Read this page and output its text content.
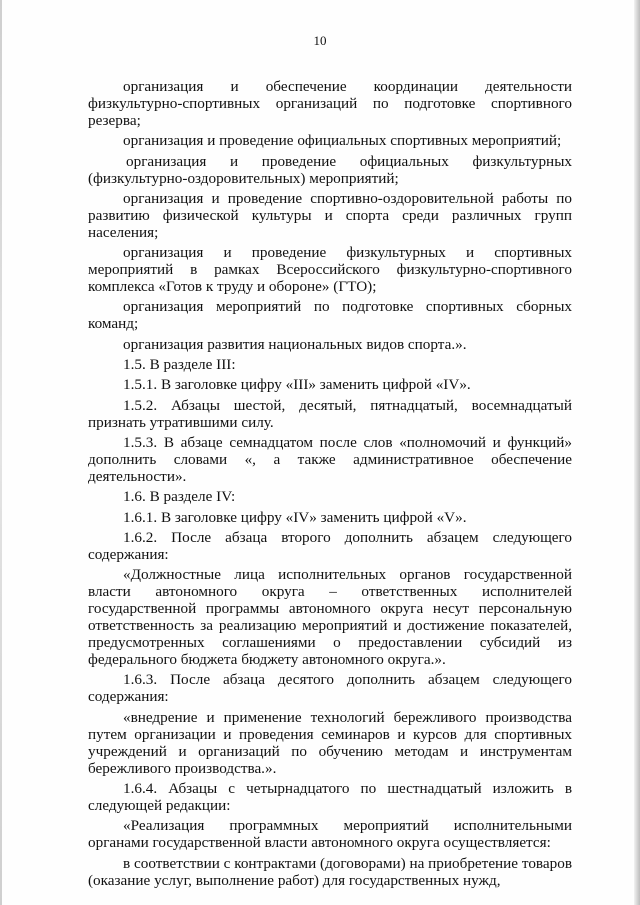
10

организация и обеспечение координации деятельности физкультурно-спортивных организаций по подготовке спортивного резерва;

организация и проведение официальных спортивных мероприятий;

организация и проведение официальных физкультурных (физкультурно-оздоровительных) мероприятий;

организация и проведение спортивно-оздоровительной работы по развитию физической культуры и спорта среди различных групп населения;

организация и проведение физкультурных и спортивных мероприятий в рамках Всероссийского физкультурно-спортивного комплекса «Готов к труду и обороне» (ГТО);

организация мероприятий по подготовке спортивных сборных команд;

организация развития национальных видов спорта.».

1.5. В разделе III:

1.5.1. В заголовке цифру «III» заменить цифрой «IV».

1.5.2. Абзацы шестой, десятый, пятнадцатый, восемнадцатый признать утратившими силу.

1.5.3. В абзаце семнадцатом после слов «полномочий и функций» дополнить словами «, а также административное обеспечение деятельности».

1.6. В разделе IV:

1.6.1. В заголовке цифру «IV» заменить цифрой «V».

1.6.2. После абзаца второго дополнить абзацем следующего содержания:

«Должностные лица исполнительных органов государственной власти автономного округа – ответственных исполнителей государственной программы автономного округа несут персональную ответственность за реализацию мероприятий и достижение показателей, предусмотренных соглашениями о предоставлении субсидий из федерального бюджета бюджету автономного округа.».

1.6.3. После абзаца десятого дополнить абзацем следующего содержания:

«внедрение и применение технологий бережливого производства путем организации и проведения семинаров и курсов для спортивных учреждений и организаций по обучению методам и инструментам бережливого производства.».

1.6.4. Абзацы с четырнадцатого по шестнадцатый изложить в следующей редакции:

«Реализация программных мероприятий исполнительными органами государственной власти автономного округа осуществляется:

в соответствии с контрактами (договорами) на приобретение товаров (оказание услуг, выполнение работ) для государственных нужд,
